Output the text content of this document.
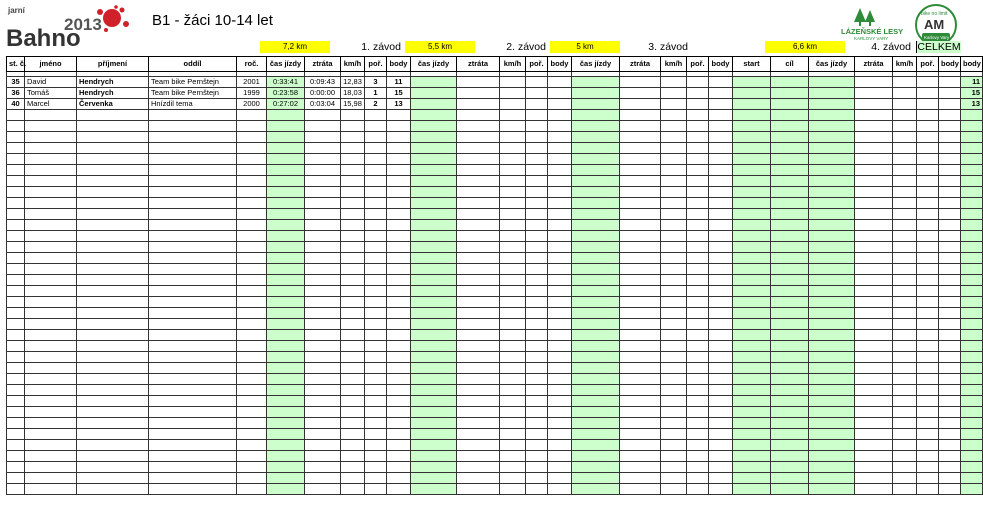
jarní
2013
Bahno
B1 - žáci 10-14 let
LÁZEŇSKÉ LESY
KARLOVY VARY
bike no limit
AM
Karlovy Vary
7,2 km	1. závod	5,5 km	2. závod	5 km	3. závod	6,6 km	4. závod CELKEM
st. č.	jméno	příjmení	oddíl	roč.	čas jízdy	ztráta	km/h	poř.	body	čas jízdy	ztráta	km/h	poř.	body	čas jízdy	ztráta	km/h	poř.	body	start	cíl	čas jízdy	ztráta	km/h	poř.	body	body	

35	David	Hendrych	Team bike Pernštejn	2001	0:33:41	0:09:43	12,83	3	11																		11	
36	Tomáš	Hendrych	Team bike Pernštejn	1999	0:23:58	0:00:00	18,03	1	15																		15	
40	Marcel	Červenka	Hnízdil tema	2000	0:27:02	0:03:04	15,98	2	13																		13	
